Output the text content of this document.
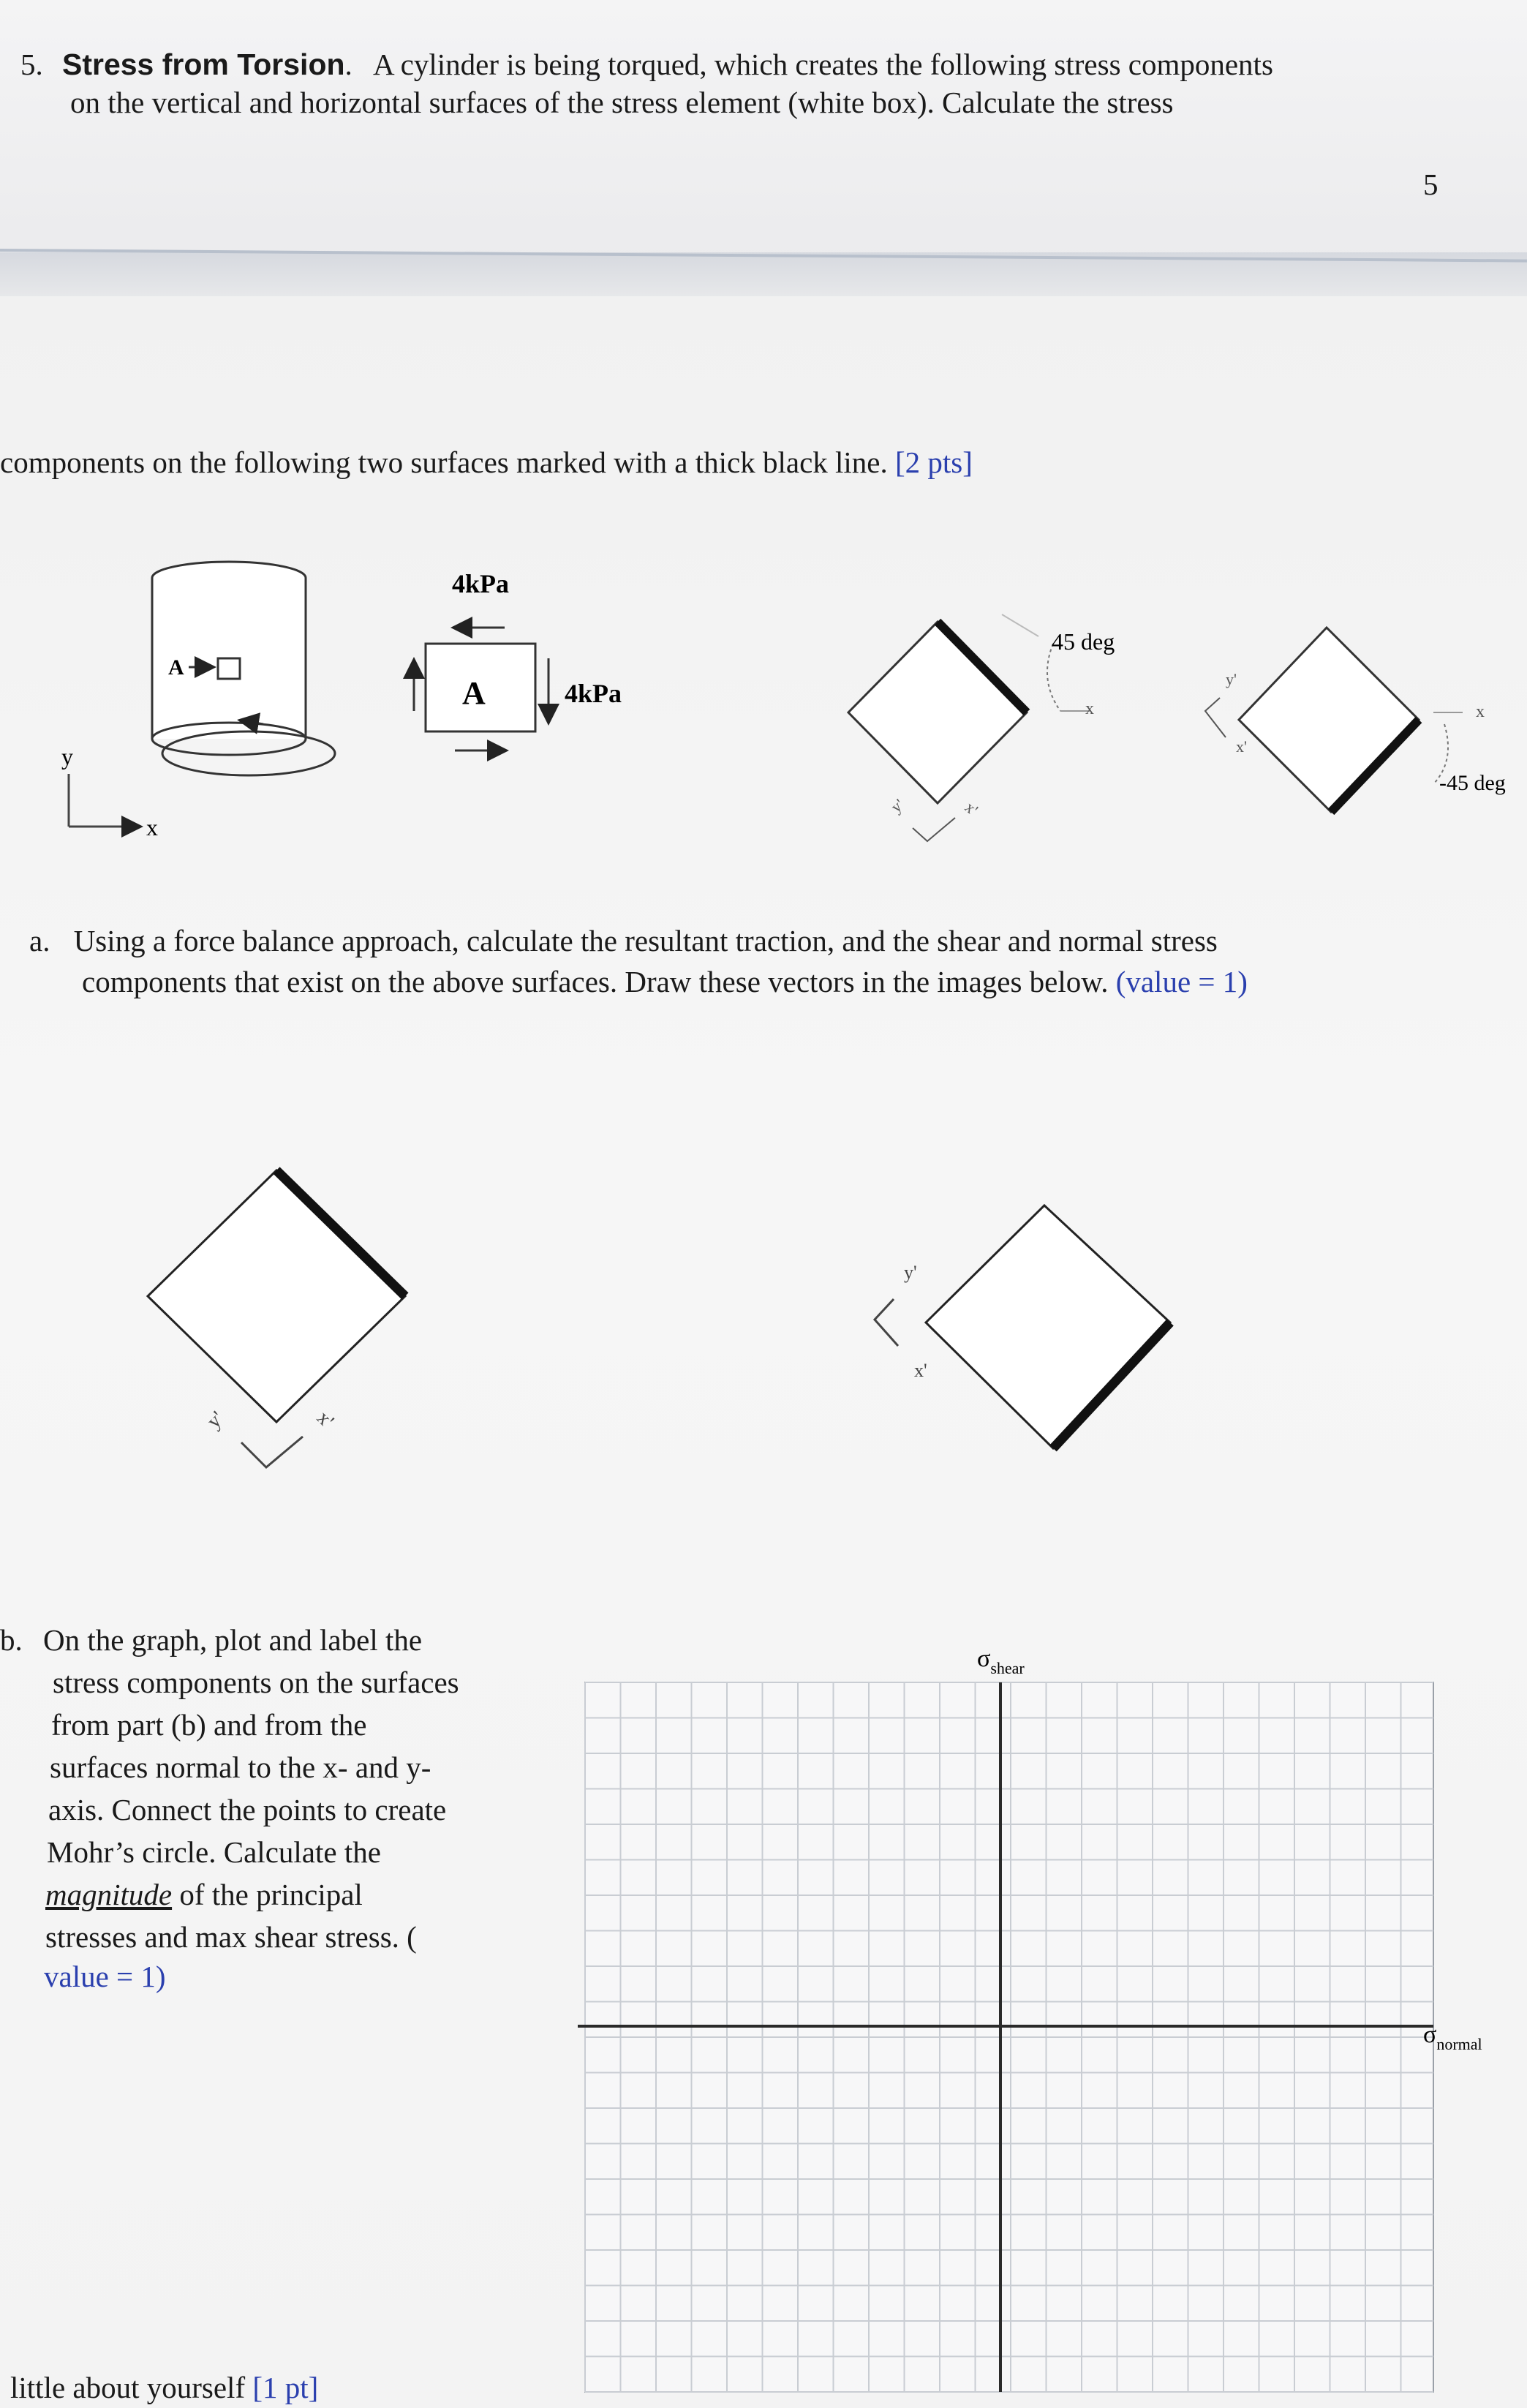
5. Stress from Torsion. A cylinder is being torqued, which creates the following stress components
on the vertical and horizontal surfaces of the stress element (white box). Calculate the stress
5
components on the following two surfaces marked with a thick black line. [2 pts]
A
y
x
A
4kPa
4kPa
45 deg
x
y'	x'
x
-45 deg
y'
x'
a. Using a force balance approach, calculate the resultant traction, and the shear and normal stress
components that exist on the above surfaces. Draw these vectors in the images below. (value = 1)
y'	x'
y'
x'
b. On the graph, plot and label the
stress components on the surfaces
from part (b) and from the
surfaces normal to the x- and y-
axis. Connect the points to create
Mohr’s circle. Calculate the
magnitude of the principal
stresses and max shear stress. (
value = 1)
$\sigma_{shear}$
$\sigma_{normal}$
little about yourself [1 pt]
